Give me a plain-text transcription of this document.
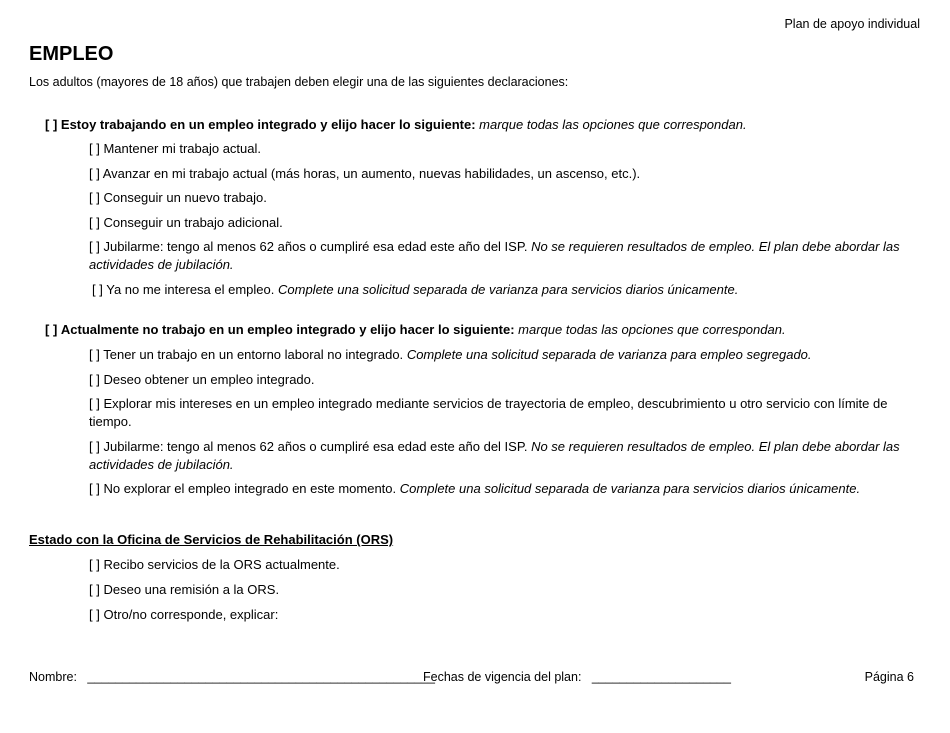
Plan de apoyo individual
EMPLEO
Los adultos (mayores de 18 años) que trabajen deben elegir una de las siguientes declaraciones:
[ ] Estoy trabajando en un empleo integrado y elijo hacer lo siguiente: marque todas las opciones que correspondan.
[ ] Mantener mi trabajo actual.
[ ] Avanzar en mi trabajo actual (más horas, un aumento, nuevas habilidades, un ascenso, etc.).
[ ] Conseguir un nuevo trabajo.
[ ] Conseguir un trabajo adicional.
[ ] Jubilarme: tengo al menos 62 años o cumpliré esa edad este año del ISP. No se requieren resultados de empleo. El plan debe abordar las actividades de jubilación.
[ ] Ya no me interesa el empleo. Complete una solicitud separada de varianza para servicios diarios únicamente.
[ ] Actualmente no trabajo en un empleo integrado y elijo hacer lo siguiente: marque todas las opciones que correspondan.
[ ] Tener un trabajo en un entorno laboral no integrado. Complete una solicitud separada de varianza para empleo segregado.
[ ] Deseo obtener un empleo integrado.
[ ] Explorar mis intereses en un empleo integrado mediante servicios de trayectoria de empleo, descubrimiento u otro servicio con límite de tiempo.
[ ] Jubilarme: tengo al menos 62 años o cumpliré esa edad este año del ISP. No se requieren resultados de empleo. El plan debe abordar las actividades de jubilación.
[ ] No explorar el empleo integrado en este momento. Complete una solicitud separada de varianza para servicios diarios únicamente.
Estado con la Oficina de Servicios de Rehabilitación (ORS)
[ ] Recibo servicios de la ORS actualmente.
[ ] Deseo una remisión a la ORS.
[ ] Otro/no corresponde, explicar:
Nombre: __________________________________________________
Fechas de vigencia del plan: ____________________	Página 6
